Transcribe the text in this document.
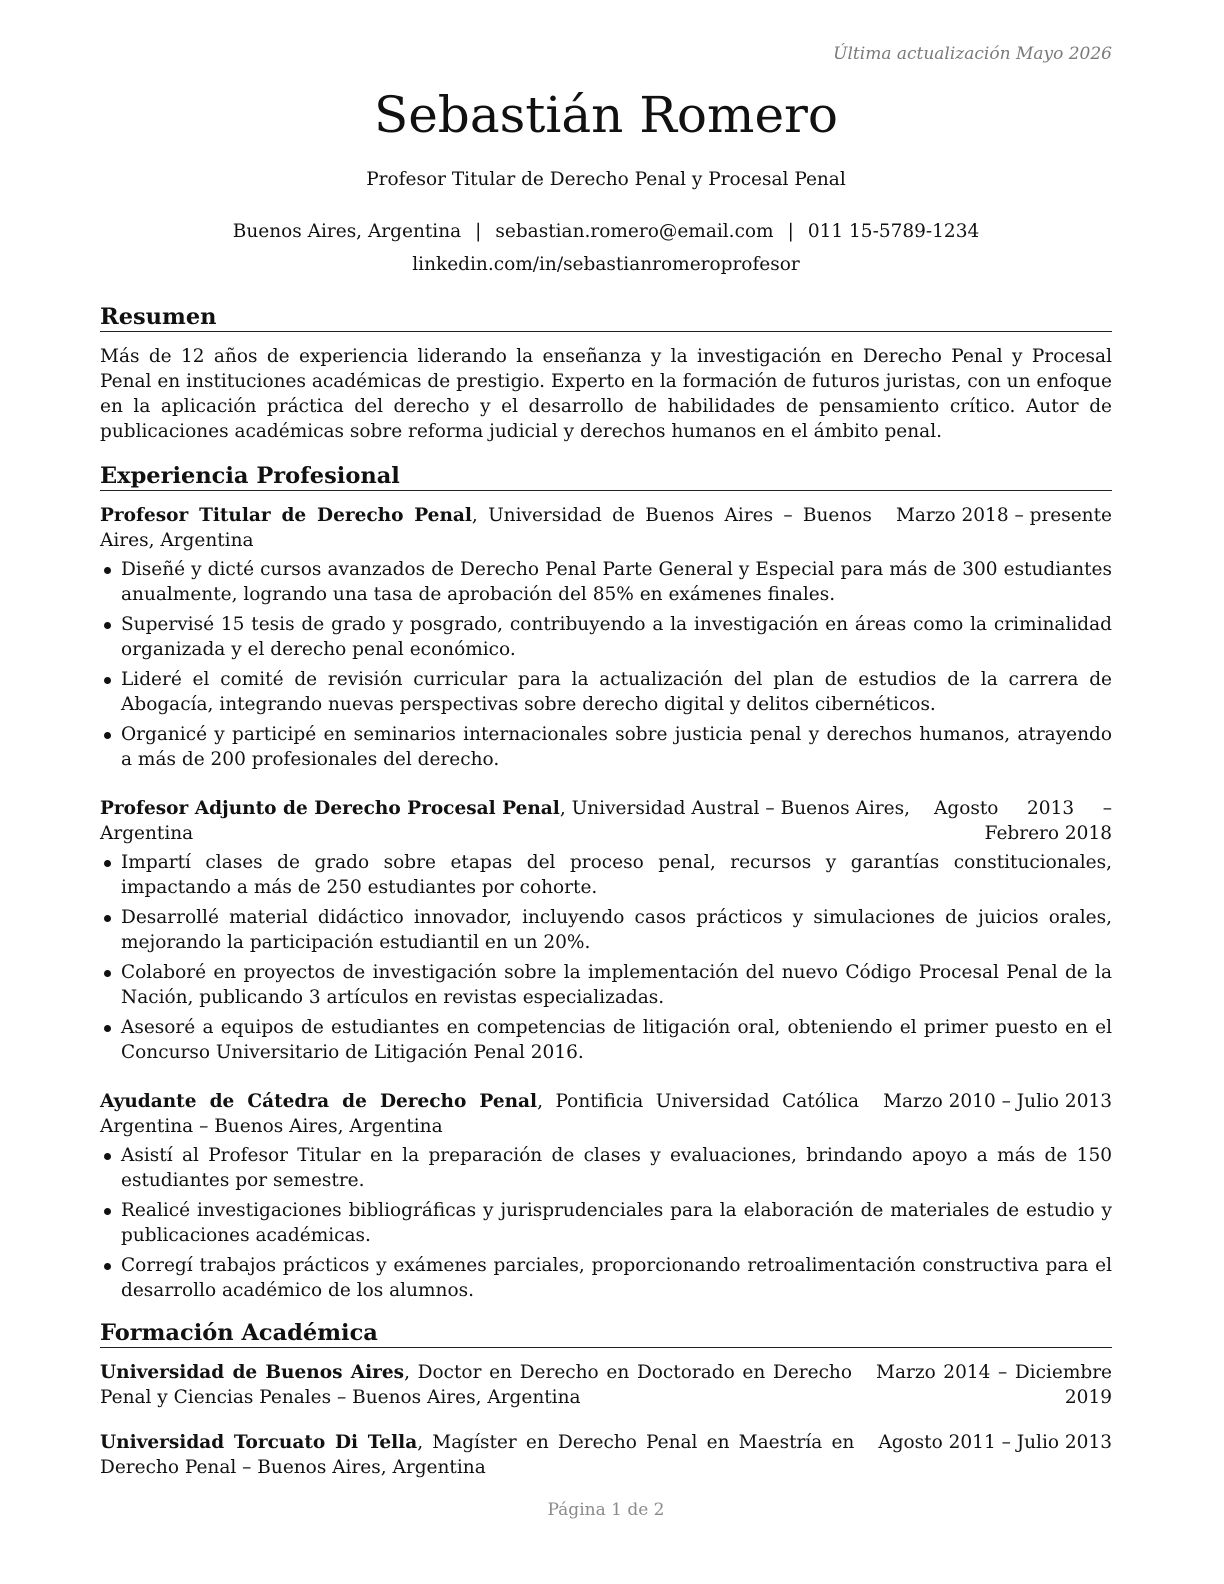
Última actualización Mayo 2026
Sebastián Romero
Profesor Titular de Derecho Penal y Procesal Penal
Buenos Aires, Argentina | sebastian.romero@email.com | 011 15-5789-1234
linkedin.com/in/sebastianromeroprofesor
Resumen
Más de 12 años de experiencia liderando la enseñanza y la investigación en Derecho Penal y Procesal Penal en instituciones académicas de prestigio. Experto en la formación de futuros juristas, con un enfoque en la aplicación práctica del derecho y el desarrollo de habilidades de pensamiento crítico. Autor de publicaciones académicas sobre reforma judicial y derechos humanos en el ámbito penal.
Experiencia Profesional
Profesor Titular de Derecho Penal, Universidad de Buenos Aires – Buenos Aires, Argentina
Marzo 2018 – presente
Diseñé y dicté cursos avanzados de Derecho Penal Parte General y Especial para más de 300 estudiantes anualmente, logrando una tasa de aprobación del 85% en exámenes finales.
Supervisé 15 tesis de grado y posgrado, contribuyendo a la investigación en áreas como la criminalidad organizada y el derecho penal económico.
Lideré el comité de revisión curricular para la actualización del plan de estudios de la carrera de Abogacía, integrando nuevas perspectivas sobre derecho digital y delitos cibernéticos.
Organicé y participé en seminarios internacionales sobre justicia penal y derechos humanos, atrayendo a más de 200 profesionales del derecho.
Profesor Adjunto de Derecho Procesal Penal, Universidad Austral – Buenos Aires, Argentina
Agosto 2013 – Febrero 2018
Impartí clases de grado sobre etapas del proceso penal, recursos y garantías constitucionales, impactando a más de 250 estudiantes por cohorte.
Desarrollé material didáctico innovador, incluyendo casos prácticos y simulaciones de juicios orales, mejorando la participación estudiantil en un 20%.
Colaboré en proyectos de investigación sobre la implementación del nuevo Código Procesal Penal de la Nación, publicando 3 artículos en revistas especializadas.
Asesoré a equipos de estudiantes en competencias de litigación oral, obteniendo el primer puesto en el Concurso Universitario de Litigación Penal 2016.
Ayudante de Cátedra de Derecho Penal, Pontificia Universidad Católica Argentina – Buenos Aires, Argentina
Marzo 2010 – Julio 2013
Asistí al Profesor Titular en la preparación de clases y evaluaciones, brindando apoyo a más de 150 estudiantes por semestre.
Realicé investigaciones bibliográficas y jurisprudenciales para la elaboración de materiales de estudio y publicaciones académicas.
Corregí trabajos prácticos y exámenes parciales, proporcionando retroalimentación constructiva para el desarrollo académico de los alumnos.
Formación Académica
Universidad de Buenos Aires, Doctor en Derecho en Doctorado en Derecho Penal y Ciencias Penales – Buenos Aires, Argentina
Marzo 2014 – Diciembre 2019
Universidad Torcuato Di Tella, Magíster en Derecho Penal en Maestría en Derecho Penal – Buenos Aires, Argentina
Agosto 2011 – Julio 2013
Página 1 de 2
